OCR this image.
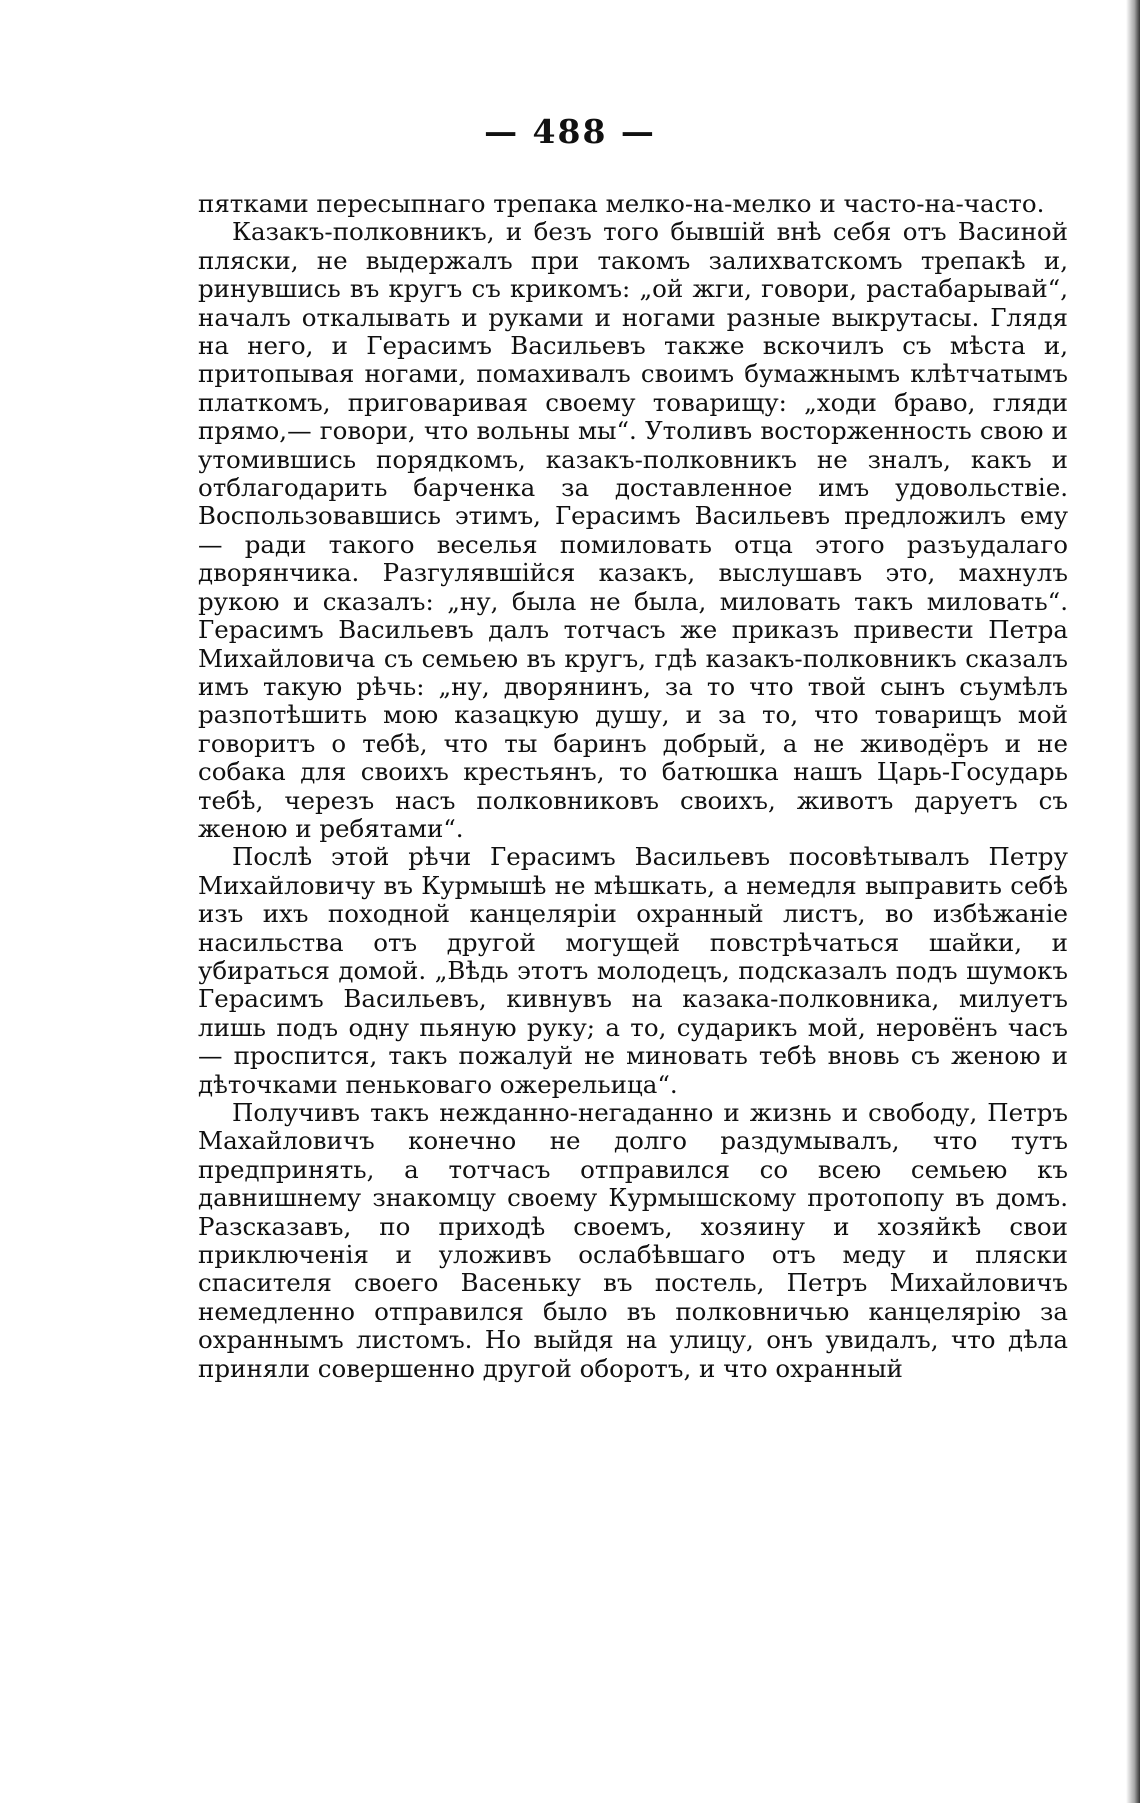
— 488 —

пятками пересыпнаго трепака мелко-на-мелко и часто-на-часто.

Казакъ-полковникъ, и безъ того бывшій внѣ себя отъ Васиной пляски, не выдержалъ при такомъ залихватскомъ трепакѣ и, ринувшись въ кругъ съ крикомъ: „ой жги, говори, растабарывай“, началъ откалывать и руками и ногами разные выкрутасы. Глядя на него, и Герасимъ Васильевъ также вскочилъ съ мѣста и, притопывая ногами, помахивалъ своимъ бумажнымъ клѣтчатымъ платкомъ, приговаривая своему товарищу: „ходи браво, гляди прямо,— говори, что вольны мы“. Утоливъ восторженность свою и утомившись порядкомъ, казакъ-полковникъ не зналъ, какъ и отблагодарить барченка за доставленное имъ удовольствіе. Воспользовавшись этимъ, Герасимъ Васильевъ предложилъ ему — ради такого веселья помиловать отца этого разъудалаго дворянчика. Разгулявшійся казакъ, выслушавъ это, махнулъ рукою и сказалъ: „ну, была не была, миловать такъ миловать“. Герасимъ Васильевъ далъ тотчасъ же приказъ привести Петра Михайловича съ семьею въ кругъ, гдѣ казакъ-полковникъ сказалъ имъ такую рѣчь: „ну, дворянинъ, за то что твой сынъ съумѣлъ разпотѣшить мою казацкую душу, и за то, что товарищъ мой говоритъ о тебѣ, что ты баринъ добрый, а не живодёръ и не собака для своихъ крестьянъ, то батюшка нашъ Царь-Государь тебѣ, черезъ насъ полковниковъ своихъ, животъ даруетъ съ женою и ребятами“.

Послѣ этой рѣчи Герасимъ Васильевъ посовѣтывалъ Петру Михайловичу въ Курмышѣ не мѣшкать, а немедля выправить себѣ изъ ихъ походной канцеляріи охранный листъ, во избѣжаніе насильства отъ другой могущей повстрѣчаться шайки, и убираться домой. „Вѣдь этотъ молодецъ, подсказалъ подъ шумокъ Герасимъ Васильевъ, кивнувъ на казака-полковника, милуетъ лишь подъ одну пьяную руку; а то, сударикъ мой, неровёнъ часъ — проспится, такъ пожалуй не миновать тебѣ вновь съ женою и дѣточками пеньковаго ожерельица“.

Получивъ такъ нежданно-негаданно и жизнь и свободу, Петръ Махайловичъ конечно не долго раздумывалъ, что тутъ предпринять, а тотчасъ отправился со всею семьею къ давнишнему знакомцу своему Курмышскому протопопу въ домъ. Разсказавъ, по приходѣ своемъ, хозяину и хозяйкѣ свои приключенія и уложивъ ослабѣвшаго отъ меду и пляски спасителя своего Васеньку въ постель, Петръ Михайловичъ немедленно отправился было въ полковничью канцелярію за охраннымъ листомъ. Но выйдя на улицу, онъ увидалъ, что дѣла приняли совершенно другой оборотъ, и что охранный
